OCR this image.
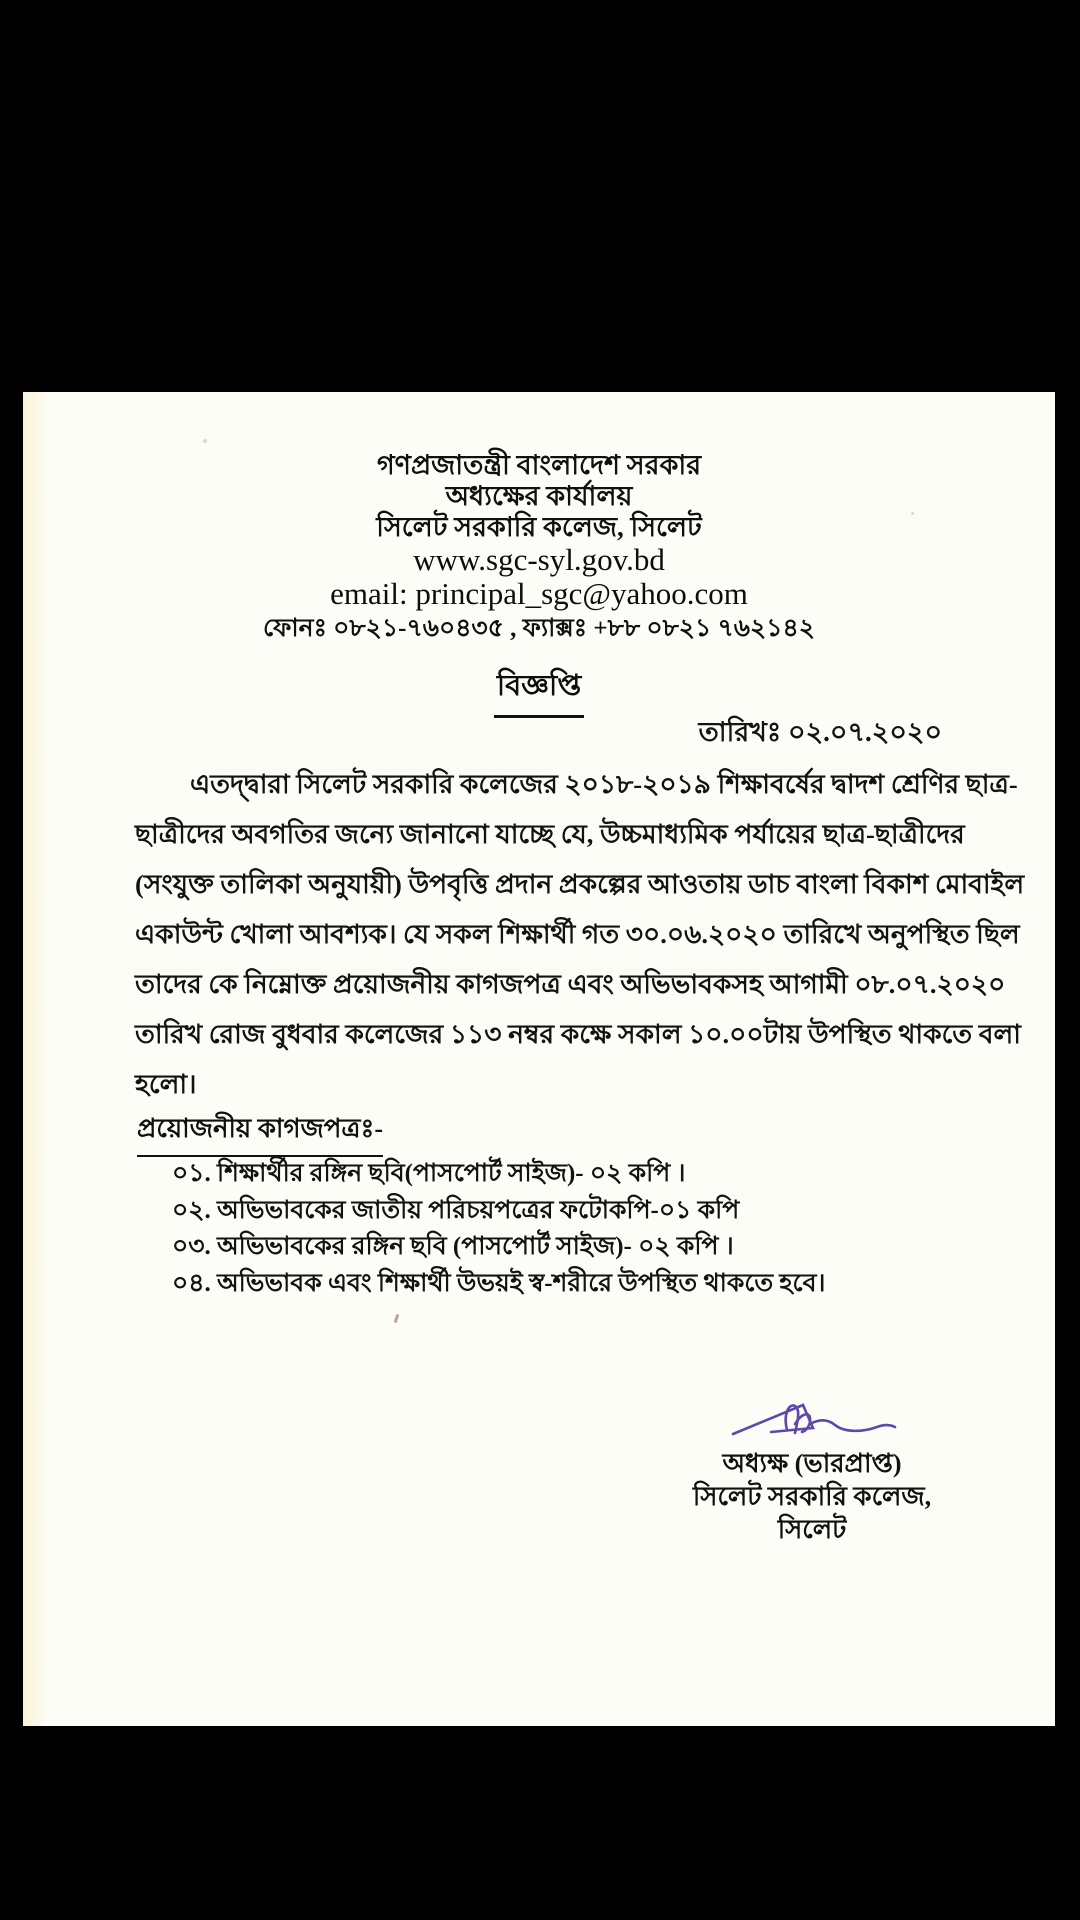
গণপ্রজাতন্ত্রী বাংলাদেশ সরকার
অধ্যক্ষের কার্যালয়
সিলেট সরকারি কলেজ, সিলেট
www.sgc-syl.gov.bd
email: principal_sgc@yahoo.com
ফোনঃ ০৮২১-৭৬০৪৩৫ , ফ্যাক্সঃ +৮৮ ০৮২১ ৭৬২১৪২
বিজ্ঞপ্তি
তারিখঃ ০২.০৭.২০২০
এতদ্দ্বারা সিলেট সরকারি কলেজের ২০১৮-২০১৯ শিক্ষাবর্ষের দ্বাদশ শ্রেণির ছাত্র-
ছাত্রীদের অবগতির জন্যে জানানো যাচ্ছে যে, উচ্চমাধ্যমিক পর্যায়ের ছাত্র-ছাত্রীদের
(সংযুক্ত তালিকা অনুযায়ী) উপবৃত্তি প্রদান প্রকল্পের আওতায় ডাচ বাংলা বিকাশ মোবাইল
একাউন্ট খোলা আবশ্যক। যে সকল শিক্ষার্থী গত ৩০.০৬.২০২০ তারিখে অনুপস্থিত ছিল
তাদের কে নিম্নোক্ত প্রয়োজনীয় কাগজপত্র এবং অভিভাবকসহ আগামী ০৮.০৭.২০২০
তারিখ রোজ বুধবার কলেজের ১১৩ নম্বর কক্ষে সকাল ১০.০০টায় উপস্থিত থাকতে বলা
হলো।
প্রয়োজনীয় কাগজপত্রঃ-
০১. শিক্ষার্থীর রঙ্গিন ছবি(পাসপোর্ট সাইজ)- ০২ কপি ।
০২. অভিভাবকের জাতীয় পরিচয়পত্রের ফটোকপি-০১ কপি
০৩. অভিভাবকের রঙ্গিন ছবি (পাসপোর্ট সাইজ)- ০২ কপি ।
০৪. অভিভাবক এবং শিক্ষার্থী উভয়ই স্ব-শরীরে উপস্থিত থাকতে হবে।
অধ্যক্ষ (ভারপ্রাপ্ত)
সিলেট সরকারি কলেজ,
সিলেট
